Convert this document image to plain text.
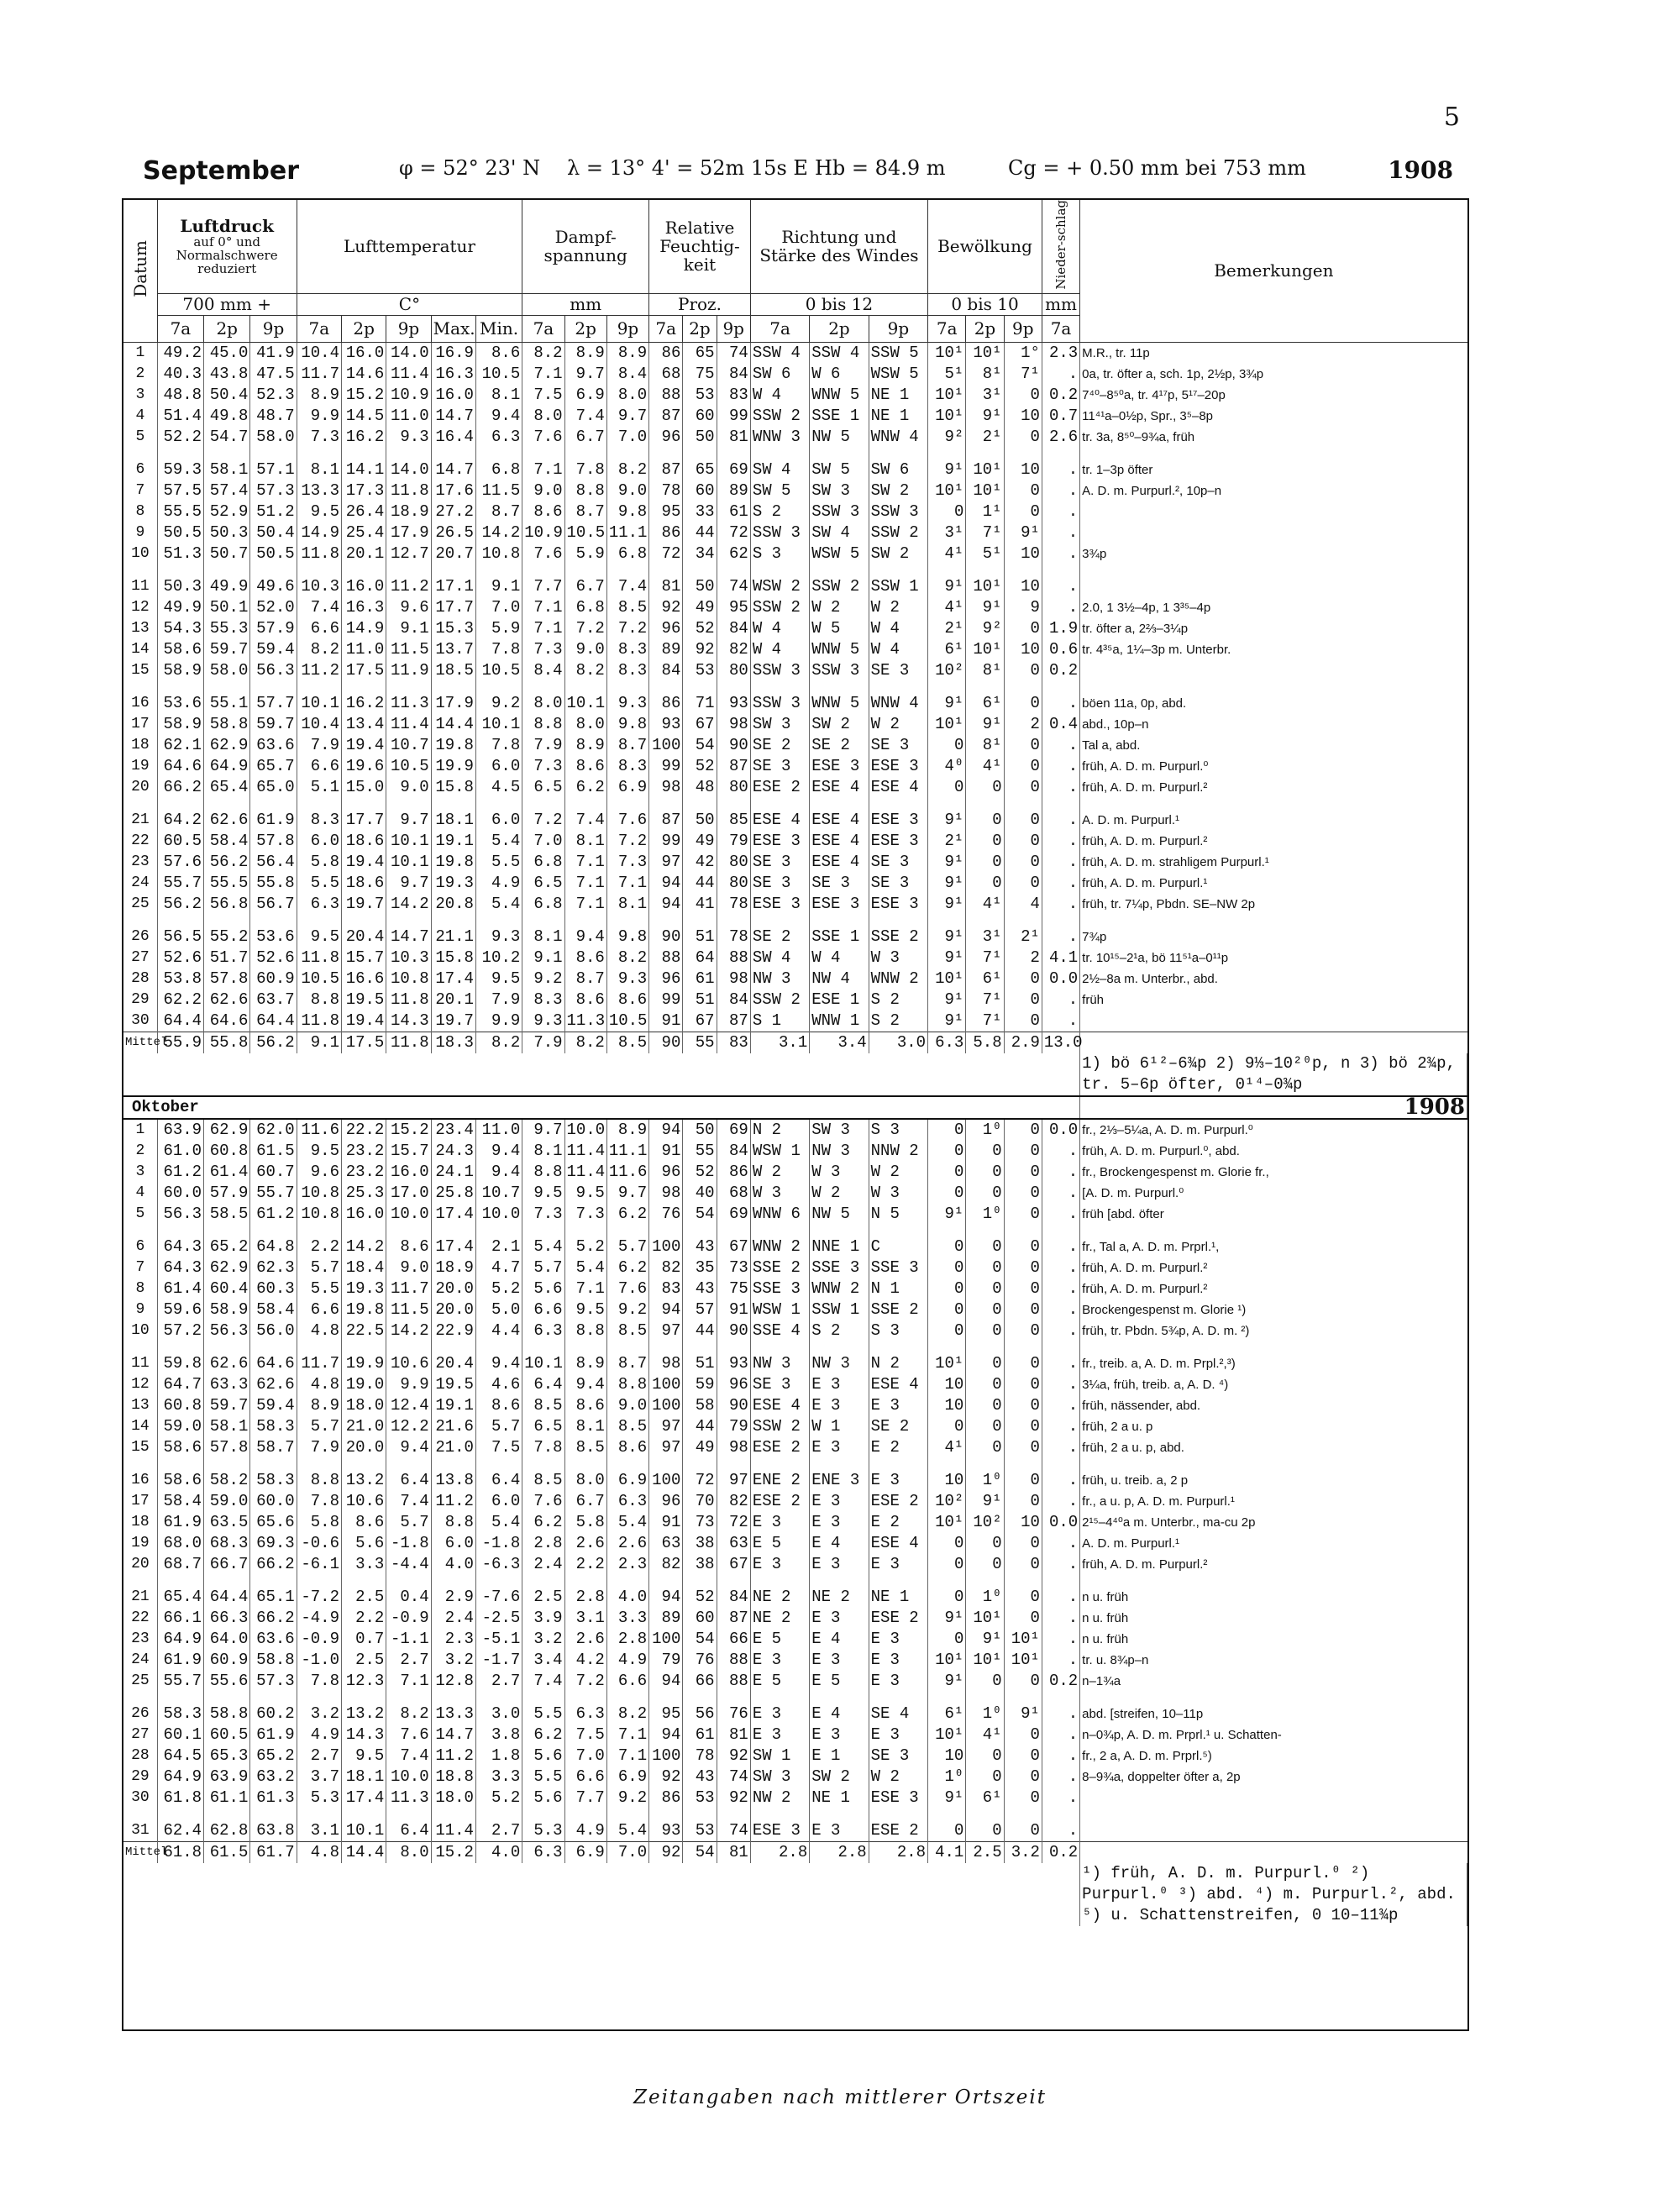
5
September	φ = 52° 23' N λ = 13° 4' = 52m 15s E Hb = 84.9 m	Cg = + 0.50 mm bei 753 mm	1908
Datum	Luftdruck

auf 0° und Normalschwere reduziert			Lufttemperatur					Dampf-spannung			Relative Feuchtig-keit			Richtung und Stärke des Windes			Bewölkung			Nieder-schlag	Bemerkungen
	700 mm +			C°					mm			Proz.			0 bis 12			0 bis 10			mm	
	7a	2p	9p	7a	2p	9p	Max.	Min.	7a	2p	9p	7a	2p	9p	7a	2p	9p	7a	2p	9p	7a	
1	49.2	45.0	41.9	10.4	16.0	14.0	16.9	8.6	8.2	8.9	8.9	86	65	74	SSW 4	SSW 4	SSW 5	10¹	10¹	1°	2.3	M.R., tr. 11p
2	40.3	43.8	47.5	11.7	14.6	11.4	16.3	10.5	7.1	9.7	8.4	68	75	84	SW 6	W 6	WSW 5	5¹	8¹	7¹	.	0a, tr. öfter a, sch. 1p, 2½p, 3¾p
3	48.8	50.4	52.3	8.9	15.2	10.9	16.0	8.1	7.5	6.9	8.0	88	53	83	W 4	WNW 5	NE 1	10¹	3¹	0	0.2	7⁴⁰–8⁵⁰a, tr. 4¹⁷p, 5¹⁷–20p
4	51.4	49.8	48.7	9.9	14.5	11.0	14.7	9.4	8.0	7.4	9.7	87	60	99	SSW 2	SSE 1	NE 1	10¹	9¹	10	0.7	11⁴¹a–0½p, Spr., 3⁵–8p
5	52.2	54.7	58.0	7.3	16.2	9.3	16.4	6.3	7.6	6.7	7.0	96	50	81	WNW 3	NW 5	WNW 4	9²	2¹	0	2.6	tr. 3a, 8⁵⁰–9¾a, früh

6	59.3	58.1	57.1	8.1	14.1	14.0	14.7	6.8	7.1	7.8	8.2	87	65	69	SW 4	SW 5	SW 6	9¹	10¹	10	.	tr. 1–3p öfter
7	57.5	57.4	57.3	13.3	17.3	11.8	17.6	11.5	9.0	8.8	9.0	78	60	89	SW 5	SW 3	SW 2	10¹	10¹	0	.	A. D. m. Purpurl.², 10p–n
8	55.5	52.9	51.2	9.5	26.4	18.9	27.2	8.7	8.6	8.7	9.8	95	33	61	S 2	SSW 3	SSW 3	0	1¹	0	.	
9	50.5	50.3	50.4	14.9	25.4	17.9	26.5	14.2	10.9	10.5	11.1	86	44	72	SSW 3	SW 4	SSW 2	3¹	7¹	9¹	.	
10	51.3	50.7	50.5	11.8	20.1	12.7	20.7	10.8	7.6	5.9	6.8	72	34	62	S 3	WSW 5	SW 2	4¹	5¹	10	.	3¾p

11	50.3	49.9	49.6	10.3	16.0	11.2	17.1	9.1	7.7	6.7	7.4	81	50	74	WSW 2	SSW 2	SSW 1	9¹	10¹	10	.	
12	49.9	50.1	52.0	7.4	16.3	9.6	17.7	7.0	7.1	6.8	8.5	92	49	95	SSW 2	W 2	W 2	4¹	9¹	9	.	2.0, 1 3½–4p, 1 3³⁵–4p
13	54.3	55.3	57.9	6.6	14.9	9.1	15.3	5.9	7.1	7.2	7.2	96	52	84	W 4	W 5	W 4	2¹	9²	0	1.9	tr. öfter a, 2⅔–3¼p
14	58.6	59.7	59.4	8.2	11.0	11.5	13.7	7.8	7.3	9.0	8.3	89	92	82	W 4	WNW 5	W 4	6¹	10¹	10	0.6	tr. 4³⁵a, 1¼–3p m. Unterbr.
15	58.9	58.0	56.3	11.2	17.5	11.9	18.5	10.5	8.4	8.2	8.3	84	53	80	SSW 3	SSW 3	SE 3	10²	8¹	0	0.2	

16	53.6	55.1	57.7	10.1	16.2	11.3	17.9	9.2	8.0	10.1	9.3	86	71	93	SSW 3	WNW 5	WNW 4	9¹	6¹	0	.	böen 11a, 0p, abd.
17	58.9	58.8	59.7	10.4	13.4	11.4	14.4	10.1	8.8	8.0	9.8	93	67	98	SW 3	SW 2	W 2	10¹	9¹	2	0.4	abd., 10p–n
18	62.1	62.9	63.6	7.9	19.4	10.7	19.8	7.8	7.9	8.9	8.7	100	54	90	SE 2	SE 2	SE 3	0	8¹	0	.	Tal a, abd.
19	64.6	64.9	65.7	6.6	19.6	10.5	19.9	6.0	7.3	8.6	8.3	99	52	87	SE 3	ESE 3	ESE 3	4⁰	4¹	0	.	früh, A. D. m. Purpurl.⁰
20	66.2	65.4	65.0	5.1	15.0	9.0	15.8	4.5	6.5	6.2	6.9	98	48	80	ESE 2	ESE 4	ESE 4	0	0	0	.	früh, A. D. m. Purpurl.²

21	64.2	62.6	61.9	8.3	17.7	9.7	18.1	6.0	7.2	7.4	7.6	87	50	85	ESE 4	ESE 4	ESE 3	9¹	0	0	.	A. D. m. Purpurl.¹
22	60.5	58.4	57.8	6.0	18.6	10.1	19.1	5.4	7.0	8.1	7.2	99	49	79	ESE 3	ESE 4	ESE 3	2¹	0	0	.	früh, A. D. m. Purpurl.²
23	57.6	56.2	56.4	5.8	19.4	10.1	19.8	5.5	6.8	7.1	7.3	97	42	80	SE 3	ESE 4	SE 3	9¹	0	0	.	früh, A. D. m. strahligem Purpurl.¹
24	55.7	55.5	55.8	5.5	18.6	9.7	19.3	4.9	6.5	7.1	7.1	94	44	80	SE 3	SE 3	SE 3	9¹	0	0	.	früh, A. D. m. Purpurl.¹
25	56.2	56.8	56.7	6.3	19.7	14.2	20.8	5.4	6.8	7.1	8.1	94	41	78	ESE 3	ESE 3	ESE 3	9¹	4¹	4	.	früh, tr. 7¼p, Pbdn. SE–NW 2p

26	56.5	55.2	53.6	9.5	20.4	14.7	21.1	9.3	8.1	9.4	9.8	90	51	78	SE 2	SSE 1	SSE 2	9¹	3¹	2¹	.	7¾p
27	52.6	51.7	52.6	11.8	15.7	10.3	15.8	10.2	9.1	8.6	8.2	88	64	88	SW 4	W 4	W 3	9¹	7¹	2	4.1	tr. 10¹⁵–2¹a, bö 11⁵¹a–0¹¹p
28	53.8	57.8	60.9	10.5	16.6	10.8	17.4	9.5	9.2	8.7	9.3	96	61	98	NW 3	NW 4	WNW 2	10¹	6¹	0	0.0	2½–8a m. Unterbr., abd.
29	62.2	62.6	63.7	8.8	19.5	11.8	20.1	7.9	8.3	8.6	8.6	99	51	84	SSW 2	ESE 1	S 2	9¹	7¹	0	.	früh
30	64.4	64.6	64.4	11.8	19.4	14.3	19.7	9.9	9.3	11.3	10.5	91	67	87	S 1	WNW 1	S 2	9¹	7¹	0	.	
Mittel	55.9	55.8	56.2	9.1	17.5	11.8	18.3	8.2	7.9	8.2	8.5	90	55	83	3.1	3.4	3.0	6.3	5.8	2.9	13.0	
																						1) bö 6¹²–6¾p 2) 9⅓–10²⁰p, n 3) bö 2¾p, tr. 5–6p öfter, 0¹⁴–0¾p
Oktober																						1908
1	63.9	62.9	62.0	11.6	22.2	15.2	23.4	11.0	9.7	10.0	8.9	94	50	69	N 2	SW 3	S 3	0	1⁰	0	0.0	fr., 2⅓–5¼a, A. D. m. Purpurl.⁰
2	61.0	60.8	61.5	9.5	23.2	15.7	24.3	9.4	8.1	11.4	11.1	91	55	84	WSW 1	NW 3	NNW 2	0	0	0	.	früh, A. D. m. Purpurl.⁰, abd.
3	61.2	61.4	60.7	9.6	23.2	16.0	24.1	9.4	8.8	11.4	11.6	96	52	86	W 2	W 3	W 2	0	0	0	.	fr., Brockengespenst m. Glorie fr.,
4	60.0	57.9	55.7	10.8	25.3	17.0	25.8	10.7	9.5	9.5	9.7	98	40	68	W 3	W 2	W 3	0	0	0	.	[A. D. m. Purpurl.⁰
5	56.3	58.5	61.2	10.8	16.0	10.0	17.4	10.0	7.3	7.3	6.2	76	54	69	WNW 6	NW 5	N 5	9¹	1⁰	0	.	früh [abd. öfter

6	64.3	65.2	64.8	2.2	14.2	8.6	17.4	2.1	5.4	5.2	5.7	100	43	67	WNW 2	NNE 1	C	0	0	0	.	fr., Tal a, A. D. m. Prprl.¹,
7	64.3	62.9	62.3	5.7	18.4	9.0	18.9	4.7	5.7	5.4	6.2	82	35	73	SSE 2	SSE 3	SSE 3	0	0	0	.	früh, A. D. m. Purpurl.²
8	61.4	60.4	60.3	5.5	19.3	11.7	20.0	5.2	5.6	7.1	7.6	83	43	75	SSE 3	WNW 2	N 1	0	0	0	.	früh, A. D. m. Purpurl.²
9	59.6	58.9	58.4	6.6	19.8	11.5	20.0	5.0	6.6	9.5	9.2	94	57	91	WSW 1	SSW 1	SSE 2	0	0	0	.	Brockengespenst m. Glorie ¹)
10	57.2	56.3	56.0	4.8	22.5	14.2	22.9	4.4	6.3	8.8	8.5	97	44	90	SSE 4	S 2	S 3	0	0	0	.	früh, tr. Pbdn. 5¾p, A. D. m. ²)

11	59.8	62.6	64.6	11.7	19.9	10.6	20.4	9.4	10.1	8.9	8.7	98	51	93	NW 3	NW 3	N 2	10¹	0	0	.	fr., treib. a, A. D. m. Prpl.²,³)
12	64.7	63.3	62.6	4.8	19.0	9.9	19.5	4.6	6.4	9.4	8.8	100	59	96	SE 3	E 3	ESE 4	10	0	0	.	3¼a, früh, treib. a, A. D. ⁴)
13	60.8	59.7	59.4	8.9	18.0	12.4	19.1	8.6	8.5	8.6	9.0	100	58	90	ESE 4	E 3	E 3	10	0	0	.	früh, nässender, abd.
14	59.0	58.1	58.3	5.7	21.0	12.2	21.6	5.7	6.5	8.1	8.5	97	44	79	SSW 2	W 1	SE 2	0	0	0	.	früh, 2 a u. p
15	58.6	57.8	58.7	7.9	20.0	9.4	21.0	7.5	7.8	8.5	8.6	97	49	98	ESE 2	E 3	E 2	4¹	0	0	.	früh, 2 a u. p, abd.

16	58.6	58.2	58.3	8.8	13.2	6.4	13.8	6.4	8.5	8.0	6.9	100	72	97	ENE 2	ENE 3	E 3	10	1⁰	0	.	früh, u. treib. a, 2 p
17	58.4	59.0	60.0	7.8	10.6	7.4	11.2	6.0	7.6	6.7	6.3	96	70	82	ESE 2	E 3	ESE 2	10²	9¹	0	.	fr., a u. p, A. D. m. Purpurl.¹
18	61.9	63.5	65.6	5.8	8.6	5.7	8.8	5.4	6.2	5.8	5.4	91	73	72	E 3	E 3	E 2	10¹	10²	10	0.0	2¹⁵–4⁴⁰a m. Unterbr., ma-cu 2p
19	68.0	68.3	69.3	-0.6	5.6	-1.8	6.0	-1.8	2.8	2.6	2.6	63	38	63	E 5	E 4	ESE 4	0	0	0	.	A. D. m. Purpurl.¹
20	68.7	66.7	66.2	-6.1	3.3	-4.4	4.0	-6.3	2.4	2.2	2.3	82	38	67	E 3	E 3	E 3	0	0	0	.	früh, A. D. m. Purpurl.²

21	65.4	64.4	65.1	-7.2	2.5	0.4	2.9	-7.6	2.5	2.8	4.0	94	52	84	NE 2	NE 2	NE 1	0	1⁰	0	.	n u. früh
22	66.1	66.3	66.2	-4.9	2.2	-0.9	2.4	-2.5	3.9	3.1	3.3	89	60	87	NE 2	E 3	ESE 2	9¹	10¹	0	.	n u. früh
23	64.9	64.0	63.6	-0.9	0.7	-1.1	2.3	-5.1	3.2	2.6	2.8	100	54	66	E 5	E 4	E 3	0	9¹	10¹	.	n u. früh
24	61.9	60.9	58.8	-1.0	2.5	2.7	3.2	-1.7	3.4	4.2	4.9	79	76	88	E 3	E 3	E 3	10¹	10¹	10¹	.	tr. u. 8¾p–n
25	55.7	55.6	57.3	7.8	12.3	7.1	12.8	2.7	7.4	7.2	6.6	94	66	88	E 5	E 5	E 3	9¹	0	0	0.2	n–1¾a

26	58.3	58.8	60.2	3.2	13.2	8.2	13.3	3.0	5.5	6.3	8.2	95	56	76	E 3	E 4	SE 4	6¹	1⁰	9¹	.	abd. [streifen, 10–11p
27	60.1	60.5	61.9	4.9	14.3	7.6	14.7	3.8	6.2	7.5	7.1	94	61	81	E 3	E 3	E 3	10¹	4¹	0	.	n–0¾p, A. D. m. Prprl.¹ u. Schatten-
28	64.5	65.3	65.2	2.7	9.5	7.4	11.2	1.8	5.6	7.0	7.1	100	78	92	SW 1	E 1	SE 3	10	0	0	.	fr., 2 a, A. D. m. Prprl.⁵)
29	64.9	63.9	63.2	3.7	18.1	10.0	18.8	3.3	5.5	6.6	6.9	92	43	74	SW 3	SW 2	W 2	1⁰	0	0	.	8–9¾a, doppelter öfter a, 2p
30	61.8	61.1	61.3	5.3	17.4	11.3	18.0	5.2	5.6	7.7	9.2	86	53	92	NW 2	NE 1	ESE 3	9¹	6¹	0	.	

31	62.4	62.8	63.8	3.1	10.1	6.4	11.4	2.7	5.3	4.9	5.4	93	53	74	ESE 3	E 3	ESE 2	0	0	0	.	
Mittel	61.8	61.5	61.7	4.8	14.4	8.0	15.2	4.0	6.3	6.9	7.0	92	54	81	2.8	2.8	2.8	4.1	2.5	3.2	0.2	
																						¹) früh, A. D. m. Purpurl.⁰ ²) Purpurl.⁰ ³) abd. ⁴) m. Purpurl.², abd. ⁵) u. Schattenstreifen, 0 10–11¾p
Zeitangaben nach mittlerer Ortszeit
